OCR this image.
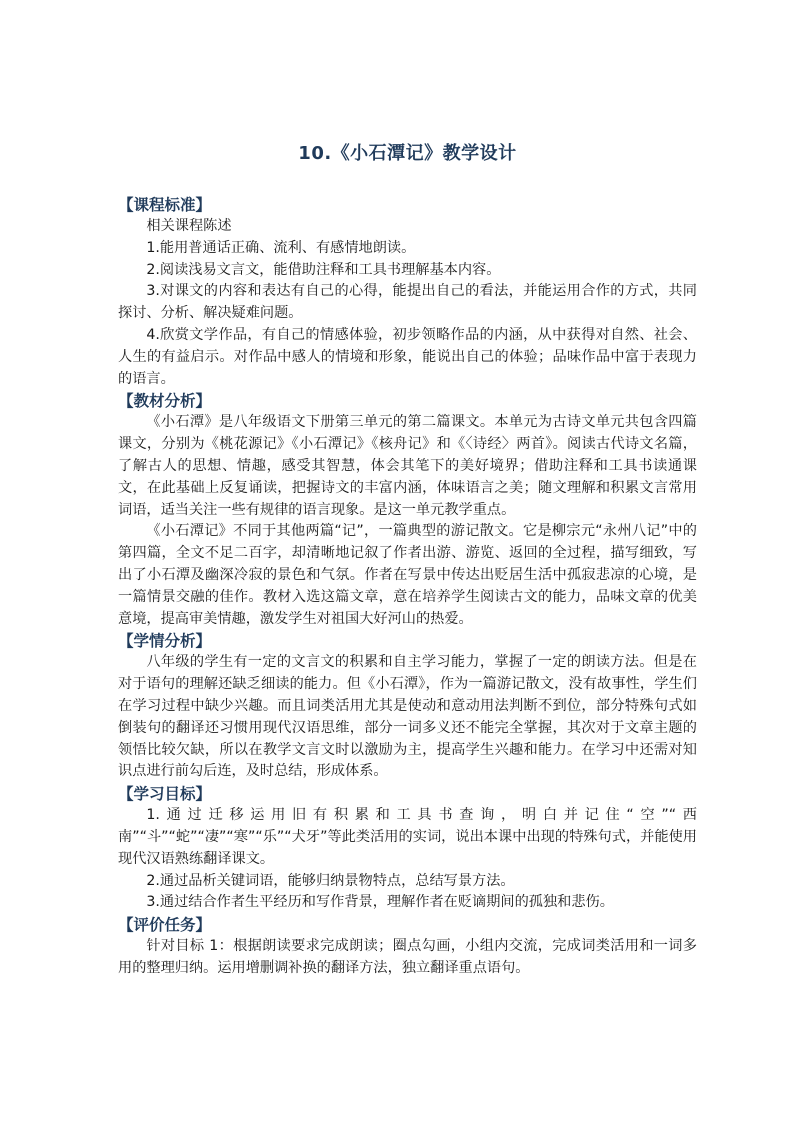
10.《小石潭记》教学设计
【课程标准】

相关课程陈述

1.能用普通话正确、流利、有感情地朗读。

2.阅读浅易文言文，能借助注释和工具书理解基本内容。

3.对课文的内容和表达有自己的心得，能提出自己的看法，并能运用合作的方式，共同探讨、分析、解决疑难问题。

4.欣赏文学作品，有自己的情感体验，初步领略作品的内涵，从中获得对自然、社会、人生的有益启示。对作品中感人的情境和形象，能说出自己的体验；品味作品中富于表现力的语言。

【教材分析】

《小石潭》是八年级语文下册第三单元的第二篇课文。本单元为古诗文单元共包含四篇课文，分别为《桃花源记》《小石潭记》《核舟记》和《〈诗经〉两首》。阅读古代诗文名篇，了解古人的思想、情趣，感受其智慧，体会其笔下的美好境界；借助注释和工具书读通课文，在此基础上反复诵读，把握诗文的丰富内涵，体味语言之美；随文理解和积累文言常用词语，适当关注一些有规律的语言现象。是这一单元教学重点。

《小石潭记》不同于其他两篇“记”，一篇典型的游记散文。它是柳宗元“永州八记”中的第四篇，全文不足二百字，却清晰地记叙了作者出游、游览、返回的全过程，描写细致，写出了小石潭及幽深冷寂的景色和气氛。作者在写景中传达出贬居生活中孤寂悲凉的心境，是一篇情景交融的佳作。教材入选这篇文章，意在培养学生阅读古文的能力，品味文章的优美意境，提高审美情趣，激发学生对祖国大好河山的热爱。

【学情分析】

八年级的学生有一定的文言文的积累和自主学习能力，掌握了一定的朗读方法。但是在对于语句的理解还缺乏细读的能力。但《小石潭》，作为一篇游记散文，没有故事性，学生们在学习过程中缺少兴趣。而且词类活用尤其是使动和意动用法判断不到位，部分特殊句式如倒装句的翻译还习惯用现代汉语思维，部分一词多义还不能完全掌握，其次对于文章主题的领悟比较欠缺，所以在教学文言文时以激励为主，提高学生兴趣和能力。在学习中还需对知识点进行前勾后连，及时总结，形成体系。

【学习目标】

1.通过迁移运用旧有积累和工具书查询，明白并记住“空”“西南”“斗”“蛇”“凄”“寒”“乐”“犬牙”等此类活用的实词，说出本课中出现的特殊句式，并能使用现代汉语熟练翻译课文。

2.通过品析关键词语，能够归纳景物特点，总结写景方法。

3.通过结合作者生平经历和写作背景，理解作者在贬谪期间的孤独和悲伤。

【评价任务】

针对目标 1：根据朗读要求完成朗读；圈点勾画，小组内交流，完成词类活用和一词多用的整理归纳。运用增删调补换的翻译方法，独立翻译重点语句。
